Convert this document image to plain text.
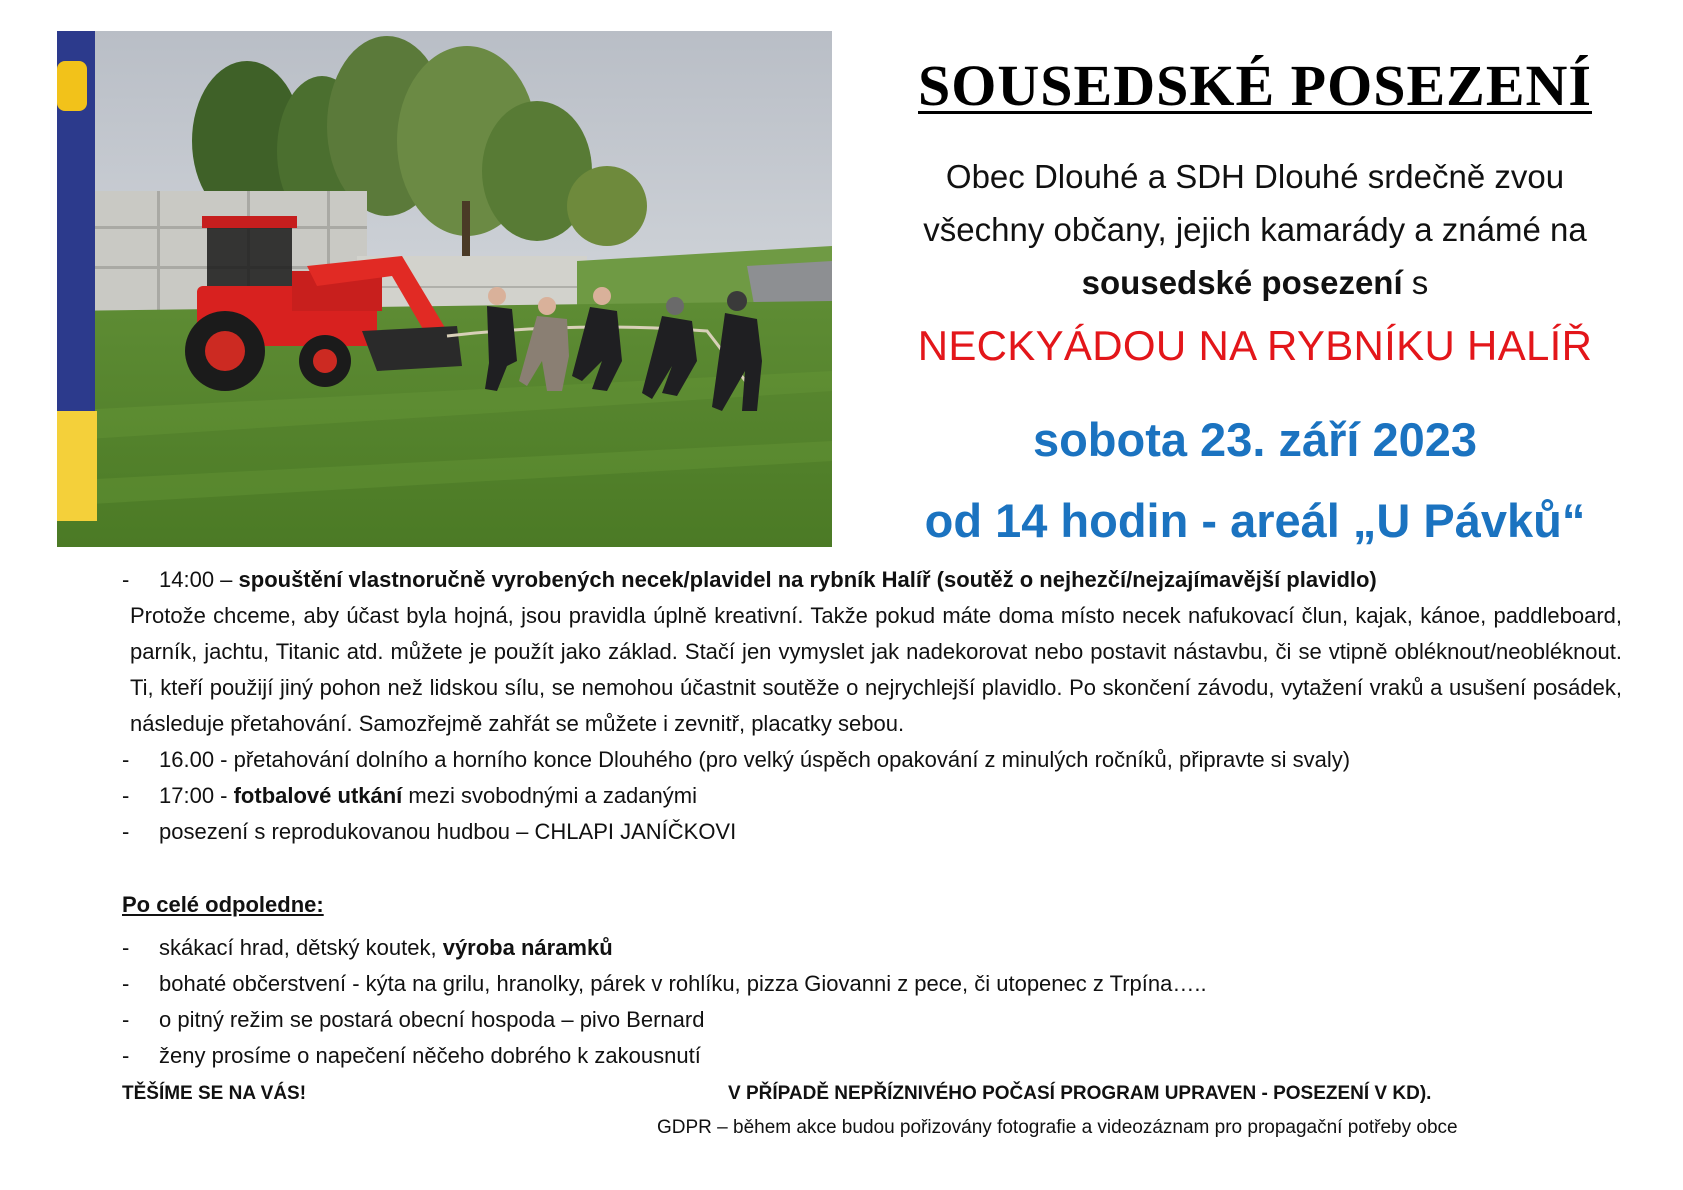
SOUSEDSKÉ POSEZENÍ
Obec Dlouhé a SDH Dlouhé srdečně zvou
všechny občany, jejich kamarády a známé na
sousedské posezení s
NECKYÁDOU NA RYBNÍKU HALÍŘ
sobota 23. září 2023
od 14 hodin - areál „U Pávků“
- 14:00 – spouštění vlastnoručně vyrobených necek/plavidel na rybník Halíř (soutěž o nejhezčí/nejzajímavější plavidlo)
Protože chceme, aby účast byla hojná, jsou pravidla úplně kreativní. Takže pokud máte doma místo necek nafukovací člun, kajak, kánoe, paddleboard, parník, jachtu, Titanic atd. můžete je použít jako základ. Stačí jen vymyslet jak nadekorovat nebo postavit nástavbu, či se vtipně obléknout/neobléknout. Ti, kteří použijí jiný pohon než lidskou sílu, se nemohou účastnit soutěže o nejrychlejší plavidlo. Po skončení závodu, vytažení vraků a usušení posádek, následuje přetahování. Samozřejmě zahřát se můžete i zevnitř, placatky sebou.
- 16.00 - přetahování dolního a horního konce Dlouhého (pro velký úspěch opakování z minulých ročníků, připravte si svaly)
- 17:00 - fotbalové utkání mezi svobodnými a zadanými
- posezení s reprodukovanou hudbou – CHLAPI JANÍČKOVI
Po celé odpoledne:
- skákací hrad, dětský koutek, výroba náramků
- bohaté občerstvení - kýta na grilu, hranolky, párek v rohlíku, pizza Giovanni z pece, či utopenec z Trpína…..
- o pitný režim se postará obecní hospoda – pivo Bernard
- ženy prosíme o napečení něčeho dobrého k zakousnutí
TĚŠÍME SE NA VÁS!	V PŘÍPADĚ NEPŘÍZNIVÉHO POČASÍ PROGRAM UPRAVEN - POSEZENÍ V KD).
GDPR – během akce budou pořizovány fotografie a videozáznam pro propagační potřeby obce
